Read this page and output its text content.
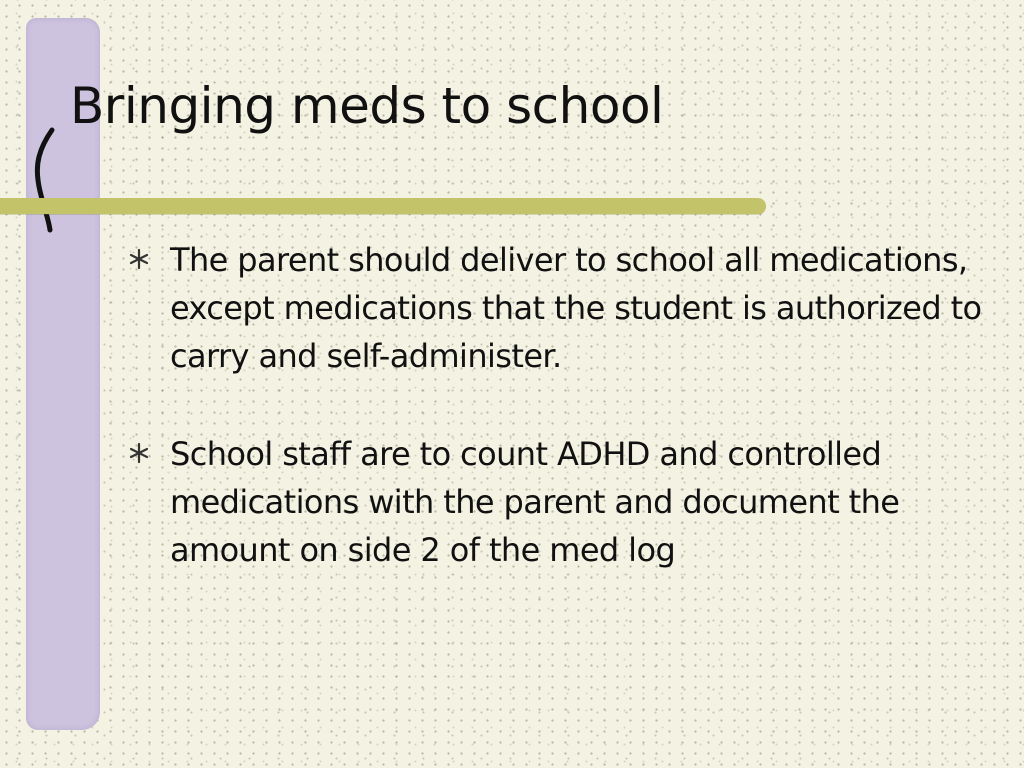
Bringing meds to school
The parent should deliver to school all medications, except medications that the student is authorized to carry and self-administer.
School staff are to count ADHD and controlled medications with the parent and document the amount on side 2 of the med log
